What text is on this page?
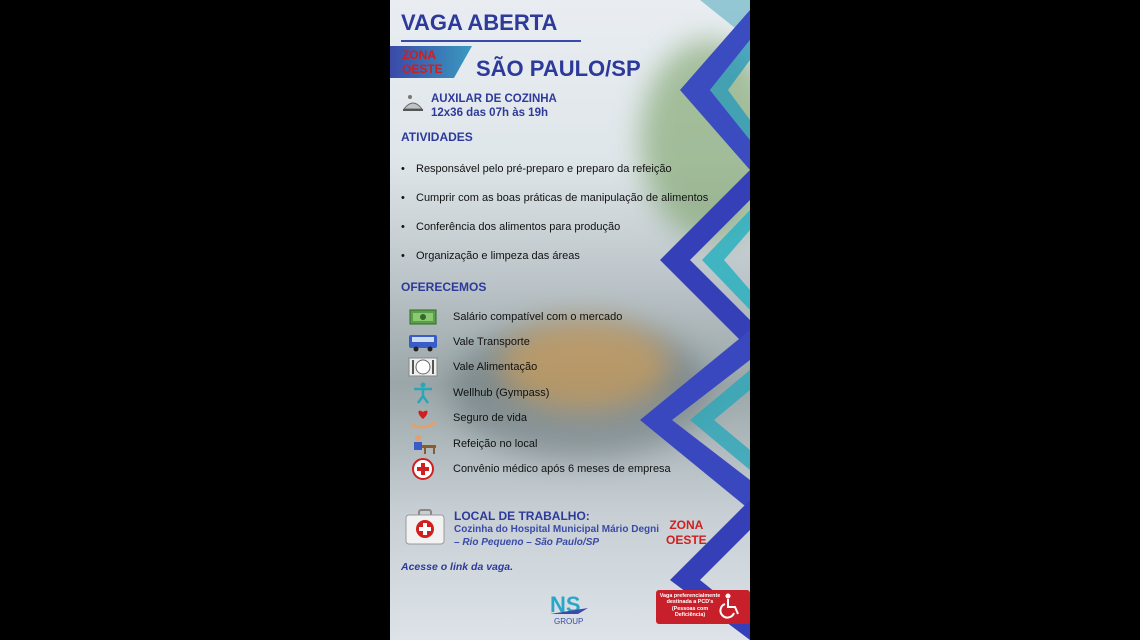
VAGA ABERTA
ZONA
OESTE SÃO PAULO/SP
AUXILAR DE COZINHA
12x36 das 07h às 19h
ATIVIDADES
• Responsável pelo pré-preparo e preparo da refeição
• Cumprir com as boas práticas de manipulação de alimentos
• Conferência dos alimentos para produção
• Organização e limpeza das áreas
OFERECEMOS
Salário compatível com o mercado
Vale Transporte
Vale Alimentação
Wellhub (Gympass)
Seguro de vida
Refeição no local
Convênio médico após 6 meses de empresa
LOCAL DE TRABALHO:
Cozinha do Hospital Municipal Mário Degni
– Rio Pequeno – São Paulo/SP
ZONA
OESTE
Acesse o link da vaga.
NS
GROUP
Vaga preferencialmente destinada a PCD's (Pessoas com Deficiência)
